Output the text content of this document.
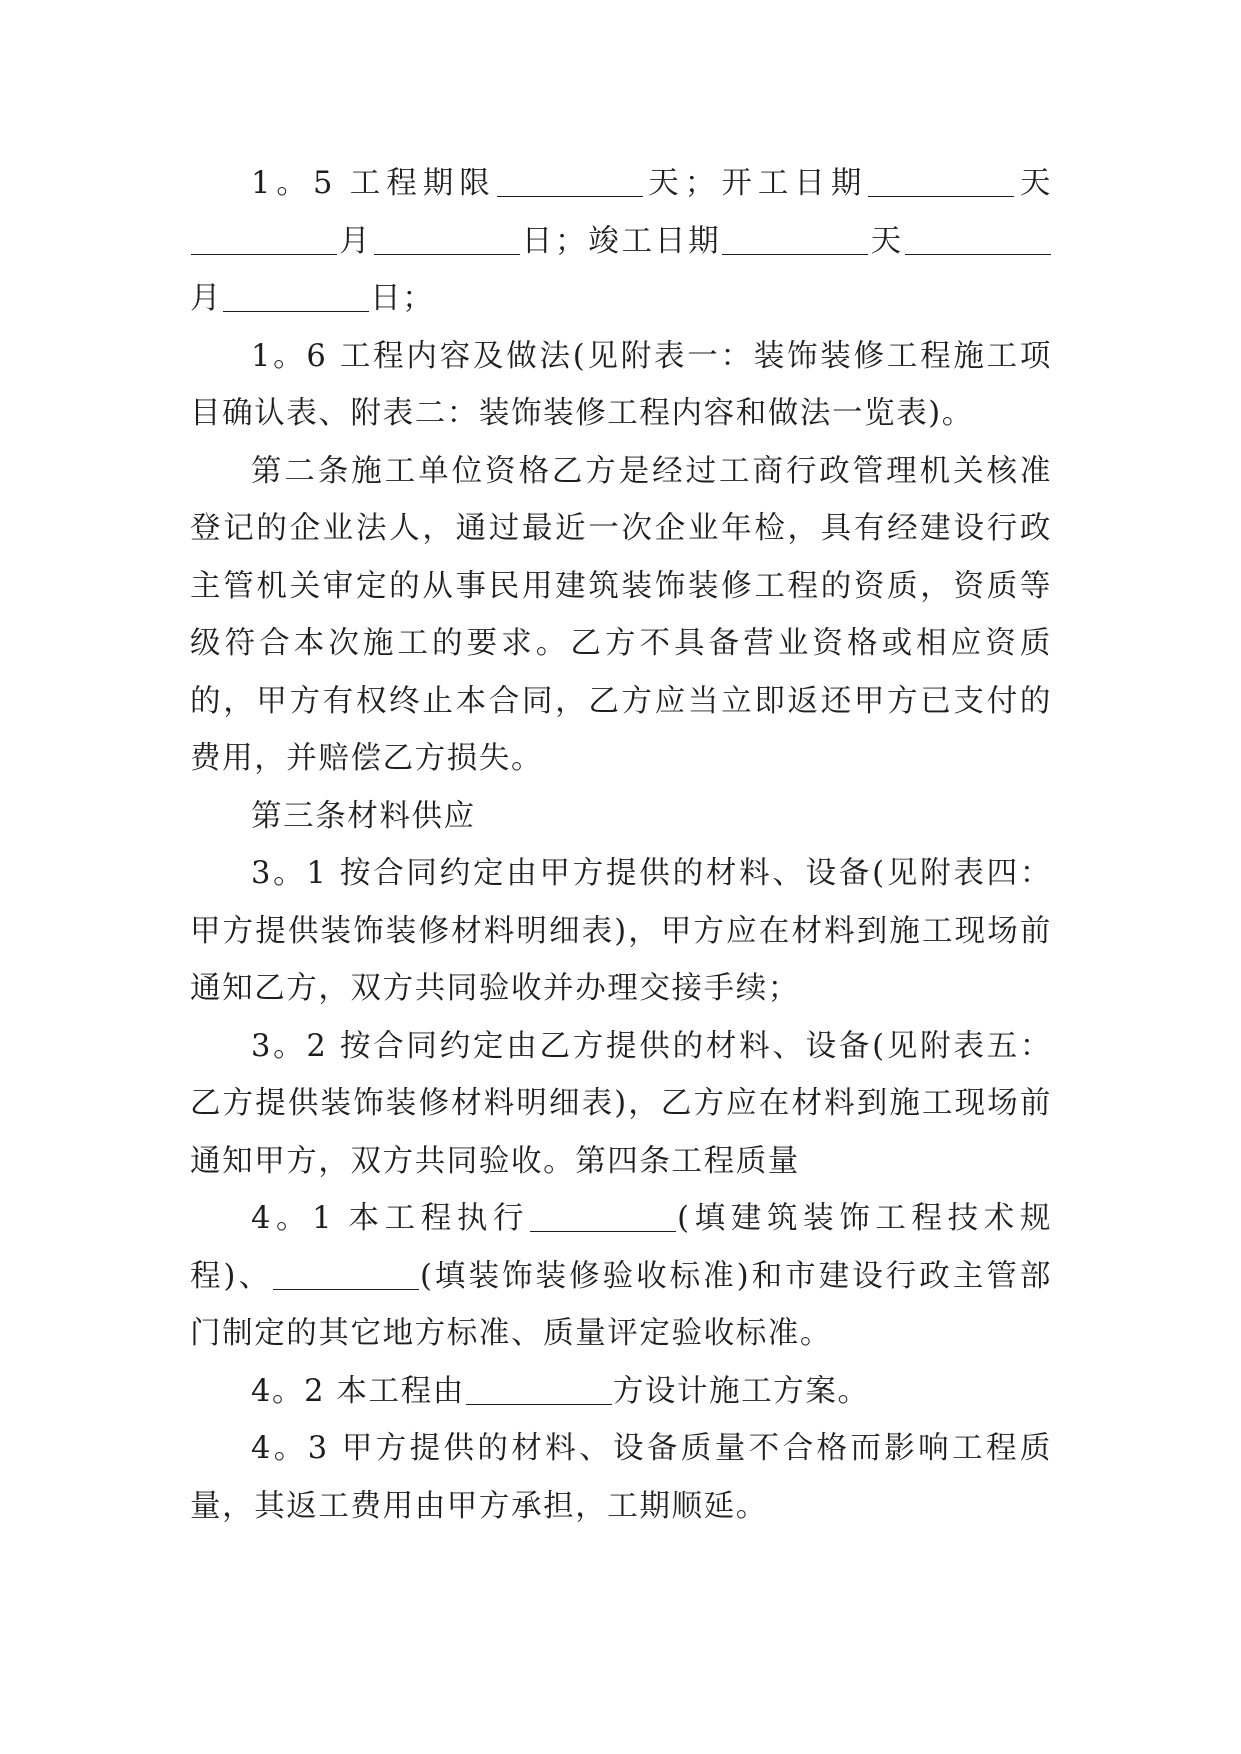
1。5 工程期限	天；开工日期	天月	日；竣工日期	天月	日；

1。6 工程内容及做法(见附表一：装饰装修工程施工项目确认表、附表二：装饰装修工程内容和做法一览表)。

第二条施工单位资格乙方是经过工商行政管理机关核准登记的企业法人，通过最近一次企业年检，具有经建设行政主管机关审定的从事民用建筑装饰装修工程的资质，资质等级符合本次施工的要求。乙方不具备营业资格或相应资质的，甲方有权终止本合同，乙方应当立即返还甲方已支付的费用，并赔偿乙方损失。

第三条材料供应

3。1 按合同约定由甲方提供的材料、设备(见附表四：甲方提供装饰装修材料明细表)，甲方应在材料到施工现场前通知乙方，双方共同验收并办理交接手续；

3。2 按合同约定由乙方提供的材料、设备(见附表五：乙方提供装饰装修材料明细表)，乙方应在材料到施工现场前通知甲方，双方共同验收。第四条工程质量

4。1 本工程执行	(填建筑装饰工程技术规程)、	(填装饰装修验收标准)和市建设行政主管部门制定的其它地方标准、质量评定验收标准。

4。2 本工程由	方设计施工方案。

4。3 甲方提供的材料、设备质量不合格而影响工程质量，其返工费用由甲方承担，工期顺延。
